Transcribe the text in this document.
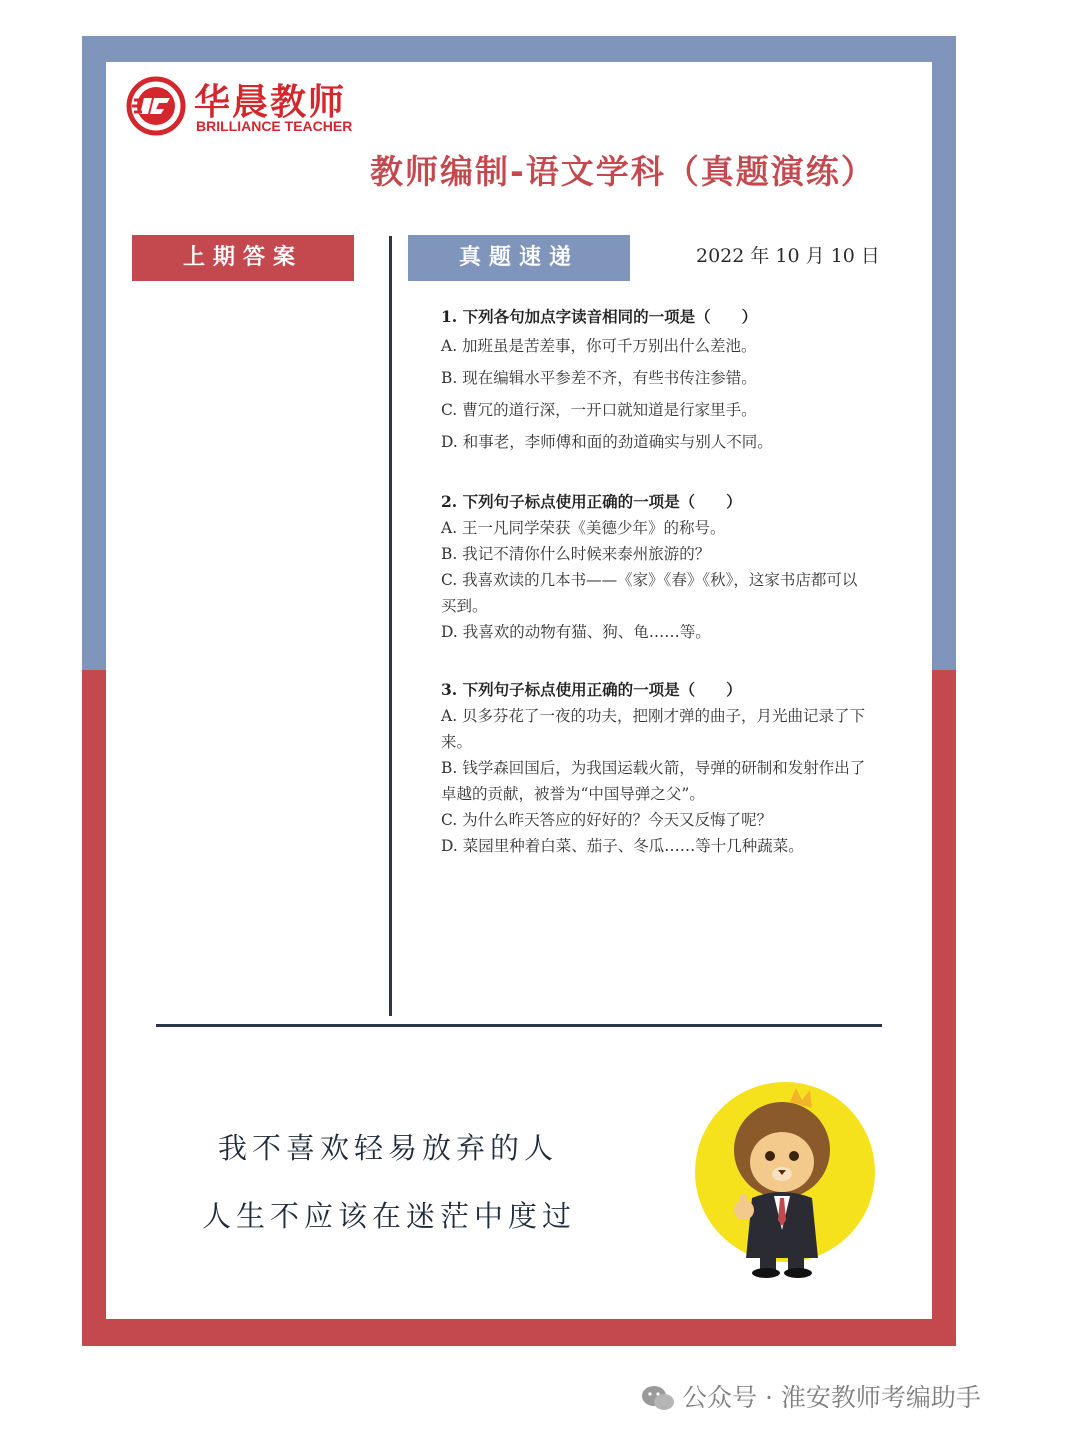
华晨教师
BRILLIANCE TEACHER
教师编制-语文学科（真题演练）
上期答案	真题速递	2022 年 10 月 10 日
1. 下列各句加点字读音相同的一项是（　　）
A. 加班虽是苦差事，你可千万别出什么差池。
B. 现在编辑水平参差不齐，有些书传注参错。
C. 曹冗的道行深，一开口就知道是行家里手。
D. 和事老，李师傅和面的劲道确实与别人不同。
2. 下列句子标点使用正确的一项是（　　）
A. 王一凡同学荣获《美德少年》的称号。
B. 我记不清你什么时候来泰州旅游的？
C. 我喜欢读的几本书——《家》《春》《秋》，这家书店都可以买到。
D. 我喜欢的动物有猫、狗、龟……等。
3. 下列句子标点使用正确的一项是（　　）
A. 贝多芬花了一夜的功夫，把刚才弹的曲子，月光曲记录了下来。
B. 钱学森回国后，为我国运载火箭，导弹的研制和发射作出了卓越的贡献，被誉为“中国导弹之父”。
C. 为什么昨天答应的好好的？今天又反悔了呢？
D. 菜园里种着白菜、茄子、冬瓜……等十几种蔬菜。
我不喜欢轻易放弃的人
人生不应该在迷茫中度过
公众号 · 淮安教师考编助手
